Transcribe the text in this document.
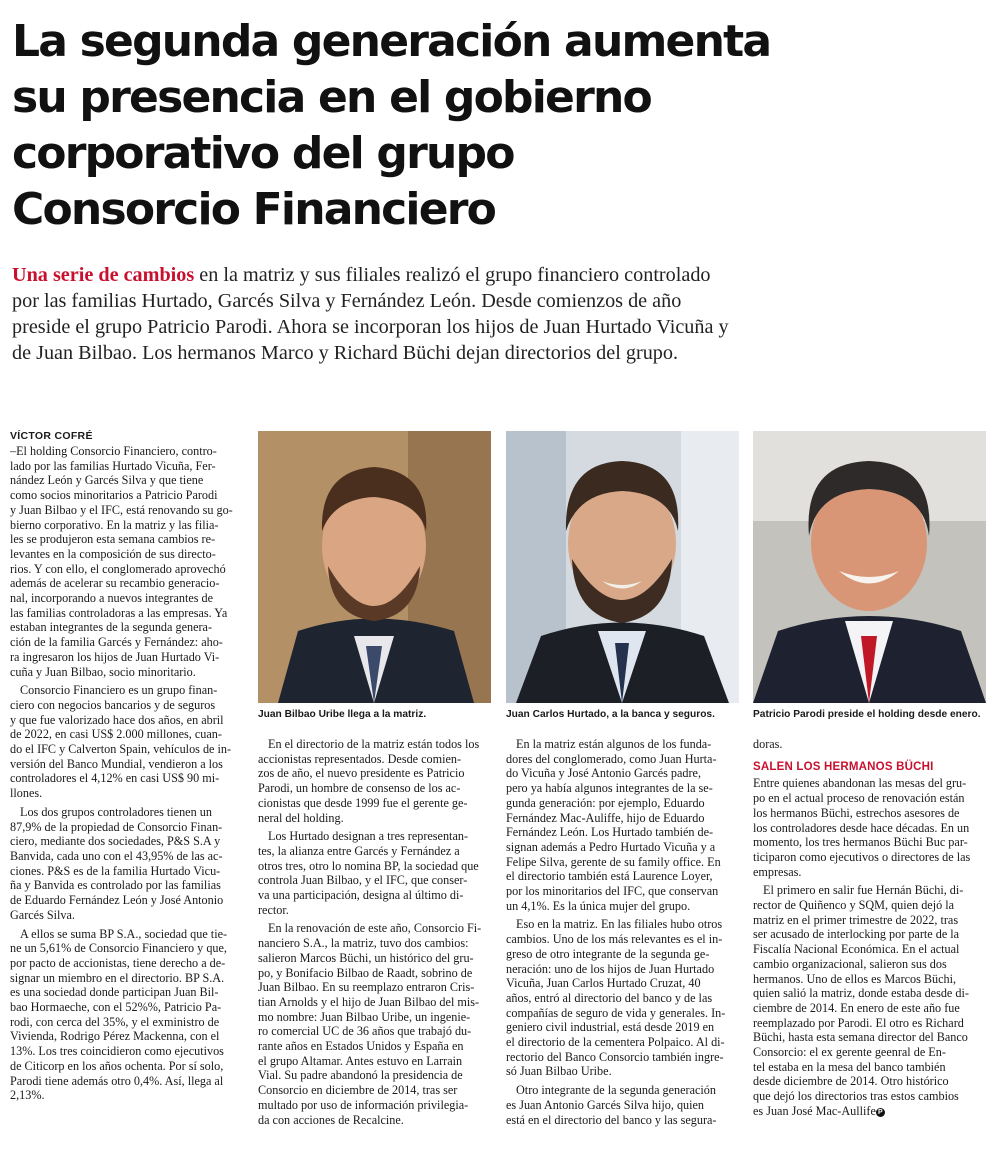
La segunda generación aumenta
su presencia en el gobierno
corporativo del grupo
Consorcio Financiero
Una serie de cambios en la matriz y sus filiales realizó el grupo financiero controlado
por las familias Hurtado, Garcés Silva y Fernández León. Desde comienzos de año
preside el grupo Patricio Parodi. Ahora se incorporan los hijos de Juan Hurtado Vicuña y
de Juan Bilbao. Los hermanos Marco y Richard Büchi dejan directorios del grupo.
VÍCTOR COFRÉ
Juan Bilbao Uribe llega a la matriz.	Juan Carlos Hurtado, a la banca y seguros.	Patricio Parodi preside el holding desde enero.

–El holding Consorcio Financiero, contro-
lado por las familias Hurtado Vicuña, Fer-
nández León y Garcés Silva y que tiene
como socios minoritarios a Patricio Parodi
y Juan Bilbao y el IFC, está renovando su go-
bierno corporativo. En la matriz y las filia-
les se produjeron esta semana cambios re-
levantes en la composición de sus directo-
rios. Y con ello, el conglomerado aprovechó
además de acelerar su recambio generacio-
nal, incorporando a nuevos integrantes de
las familias controladoras a las empresas. Ya
estaban integrantes de la segunda genera-
ción de la familia Garcés y Fernández: aho-
ra ingresaron los hijos de Juan Hurtado Vi-
cuña y Juan Bilbao, socio minoritario.

Consorcio Financiero es un grupo finan-
ciero con negocios bancarios y de seguros
y que fue valorizado hace dos años, en abril
de 2022, en casi US$ 2.000 millones, cuan-
do el IFC y Calverton Spain, vehículos de in-
versión del Banco Mundial, vendieron a los
controladores el 4,12% en casi US$ 90 mi-
llones.

Los dos grupos controladores tienen un
87,9% de la propiedad de Consorcio Finan-
ciero, mediante dos sociedades, P&S S.A y
Banvida, cada uno con el 43,95% de las ac-
ciones. P&S es de la familia Hurtado Vicu-
ña y Banvida es controlado por las familias
de Eduardo Fernández León y José Antonio
Garcés Silva.

A ellos se suma BP S.A., sociedad que tie-
ne un 5,61% de Consorcio Financiero y que,
por pacto de accionistas, tiene derecho a de-
signar un miembro en el directorio. BP S.A.
es una sociedad donde participan Juan Bil-
bao Hormaeche, con el 52%%, Patricio Pa-
rodi, con cerca del 35%, y el exministro de
Vivienda, Rodrigo Pérez Mackenna, con el
13%. Los tres coincidieron como ejecutivos
de Citicorp en los años ochenta. Por sí solo,
Parodi tiene además otro 0,4%. Así, llega al
2,13%.

En el directorio de la matriz están todos los
accionistas representados. Desde comien-
zos de año, el nuevo presidente es Patricio
Parodi, un hombre de consenso de los ac-
cionistas que desde 1999 fue el gerente ge-
neral del holding.

Los Hurtado designan a tres representan-
tes, la alianza entre Garcés y Fernández a
otros tres, otro lo nomina BP, la sociedad que
controla Juan Bilbao, y el IFC, que conser-
va una participación, designa al último di-
rector.

En la renovación de este año, Consorcio Fi-
nanciero S.A., la matriz, tuvo dos cambios:
salieron Marcos Büchi, un histórico del gru-
po, y Bonifacio Bilbao de Raadt, sobrino de
Juan Bilbao. En su reemplazo entraron Cris-
tian Arnolds y el hijo de Juan Bilbao del mis-
mo nombre: Juan Bilbao Uribe, un ingenie-
ro comercial UC de 36 años que trabajó du-
rante años en Estados Unidos y España en
el grupo Altamar. Antes estuvo en Larrain
Vial. Su padre abandonó la presidencia de
Consorcio en diciembre de 2014, tras ser
multado por uso de información privilegia-
da con acciones de Recalcine.

En la matriz están algunos de los funda-
dores del conglomerado, como Juan Hurta-
do Vicuña y José Antonio Garcés padre,
pero ya había algunos integrantes de la se-
gunda generación: por ejemplo, Eduardo
Fernández Mac-Auliffe, hijo de Eduardo
Fernández León. Los Hurtado también de-
signan además a Pedro Hurtado Vicuña y a
Felipe Silva, gerente de su family office. En
el directorio también está Laurence Loyer,
por los minoritarios del IFC, que conservan
un 4,1%. Es la única mujer del grupo.

Eso en la matriz. En las filiales hubo otros
cambios. Uno de los más relevantes es el in-
greso de otro integrante de la segunda ge-
neración: uno de los hijos de Juan Hurtado
Vicuña, Juan Carlos Hurtado Cruzat, 40
años, entró al directorio del banco y de las
compañías de seguro de vida y generales. In-
geniero civil industrial, está desde 2019 en
el directorio de la cementera Polpaico. Al di-
rectorio del Banco Consorcio también ingre-
só Juan Bilbao Uribe.

Otro integrante de la segunda generación
es Juan Antonio Garcés Silva hijo, quien
está en el directorio del banco y las segura-

doras.

SALEN LOS HERMANOS BÜCHI

Entre quienes abandonan las mesas del gru-
po en el actual proceso de renovación están
los hermanos Büchi, estrechos asesores de
los controladores desde hace décadas. En un
momento, los tres hermanos Büchi Buc par-
ticiparon como ejecutivos o directores de las
empresas.

El primero en salir fue Hernán Büchi, di-
rector de Quiñenco y SQM, quien dejó la
matriz en el primer trimestre de 2022, tras
ser acusado de interlocking por parte de la
Fiscalía Nacional Económica. En el actual
cambio organizacional, salieron sus dos
hermanos. Uno de ellos es Marcos Büchi,
quien salió la matriz, donde estaba desde di-
ciembre de 2014. En enero de este año fue
reemplazado por Parodi. El otro es Richard
Büchi, hasta esta semana director del Banco
Consorcio: el ex gerente geenral de En-
tel estaba en la mesa del banco también
desde diciembre de 2014. Otro histórico
que dejó los directorios tras estos cambios
es Juan José Mac-Aullife P
